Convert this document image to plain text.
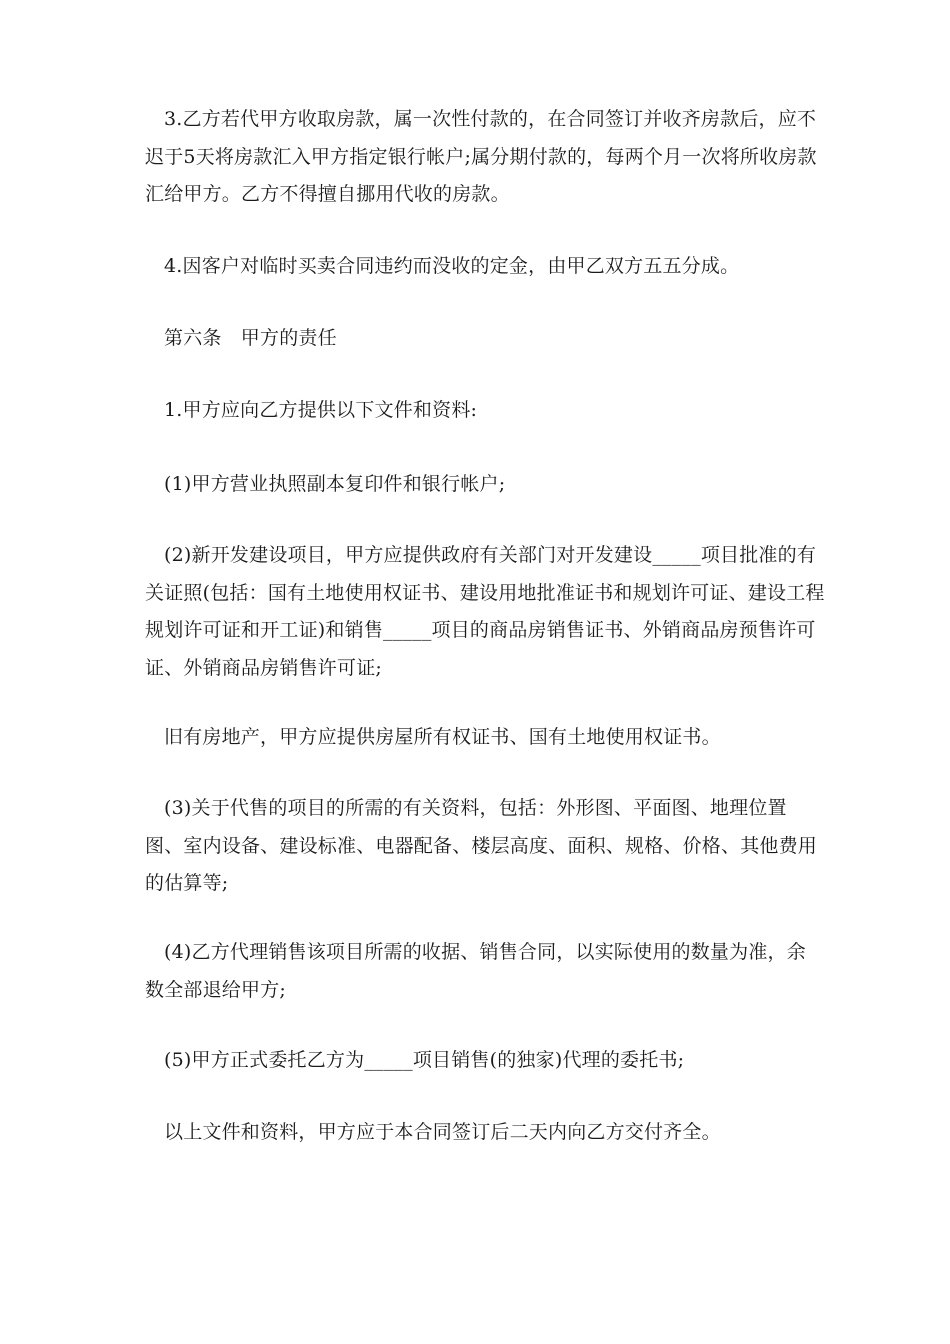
3.乙方若代甲方收取房款，属一次性付款的，在合同签订并收齐房款后，应不迟于5天将房款汇入甲方指定银行帐户;属分期付款的，每两个月一次将所收房款汇给甲方。乙方不得擅自挪用代收的房款。

4.因客户对临时买卖合同违约而没收的定金，由甲乙双方五五分成。

第六条　甲方的责任

1.甲方应向乙方提供以下文件和资料:

(1)甲方营业执照副本复印件和银行帐户;

(2)新开发建设项目，甲方应提供政府有关部门对开发建设_____项目批准的有关证照(包括：国有土地使用权证书、建设用地批准证书和规划许可证、建设工程规划许可证和开工证)和销售_____项目的商品房销售证书、外销商品房预售许可证、外销商品房销售许可证;

旧有房地产，甲方应提供房屋所有权证书、国有土地使用权证书。

(3)关于代售的项目的所需的有关资料，包括：外形图、平面图、地理位置图、室内设备、建设标准、电器配备、楼层高度、面积、规格、价格、其他费用的估算等;

(4)乙方代理销售该项目所需的收据、销售合同，以实际使用的数量为准，余数全部退给甲方;

(5)甲方正式委托乙方为_____项目销售(的独家)代理的委托书;

以上文件和资料，甲方应于本合同签订后二天内向乙方交付齐全。
